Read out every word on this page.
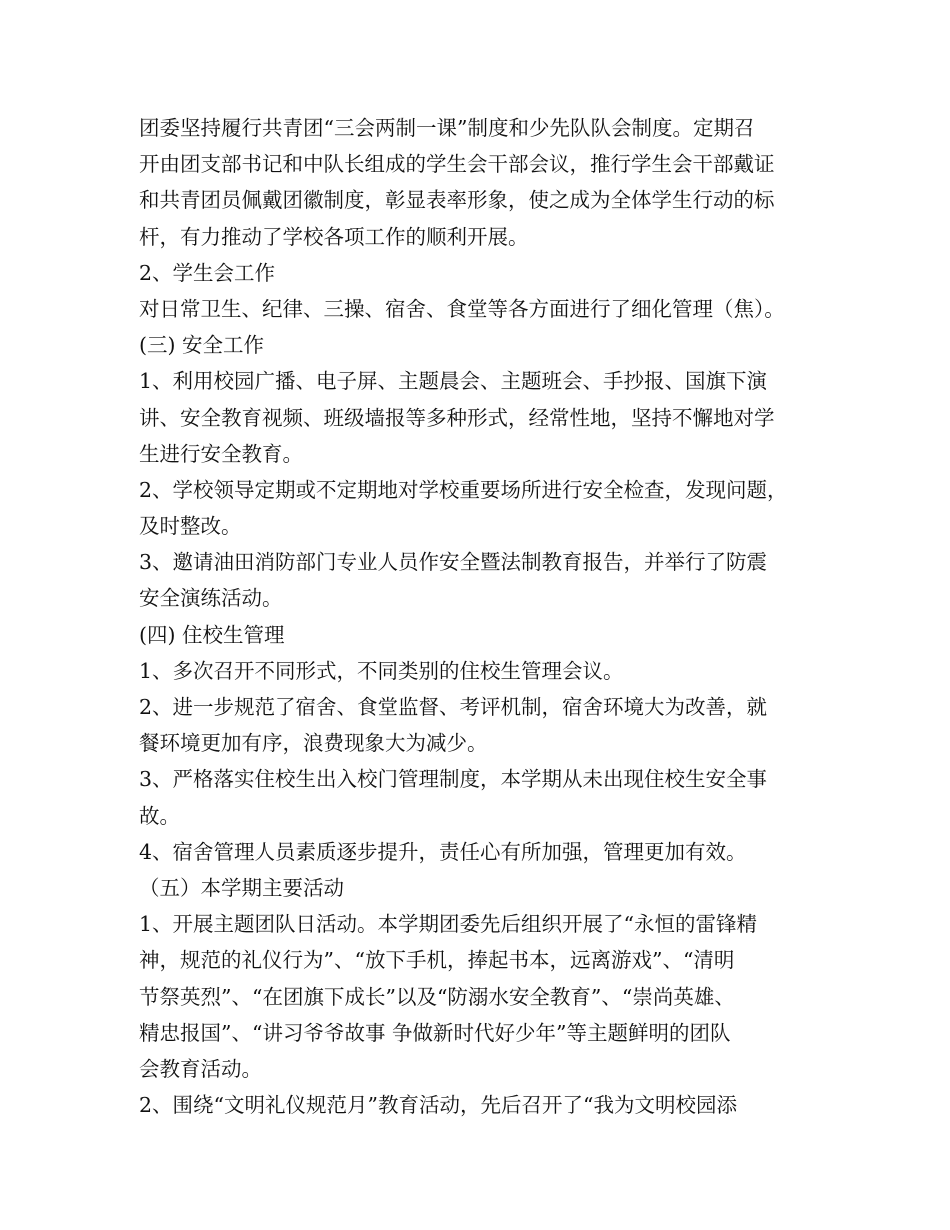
团委坚持履行共青团“三会两制一课”制度和少先队队会制度。定期召

开由团支部书记和中队长组成的学生会干部会议，推行学生会干部戴证

和共青团员佩戴团徽制度，彰显表率形象，使之成为全体学生行动的标

杆，有力推动了学校各项工作的顺利开展。

2、学生会工作

对日常卫生、纪律、三操、宿舍、食堂等各方面进行了细化管理（焦）。

(三) 安全工作

1、利用校园广播、电子屏、主题晨会、主题班会、手抄报、国旗下演

讲、安全教育视频、班级墙报等多种形式，经常性地，坚持不懈地对学

生进行安全教育。

2、学校领导定期或不定期地对学校重要场所进行安全检查，发现问题，

及时整改。

3、邀请油田消防部门专业人员作安全暨法制教育报告，并举行了防震

安全演练活动。

(四) 住校生管理

1、多次召开不同形式，不同类别的住校生管理会议。

2、进一步规范了宿舍、食堂监督、考评机制，宿舍环境大为改善，就

餐环境更加有序，浪费现象大为减少。

3、严格落实住校生出入校门管理制度，本学期从未出现住校生安全事

故。

4、宿舍管理人员素质逐步提升，责任心有所加强，管理更加有效。

（五）本学期主要活动

1、开展主题团队日活动。本学期团委先后组织开展了“永恒的雷锋精

神，规范的礼仪行为”、“放下手机，捧起书本，远离游戏”、“清明

节祭英烈”、“在团旗下成长”以及“防溺水安全教育”、“崇尚英雄、

精忠报国”、“讲习爷爷故事 争做新时代好少年”等主题鲜明的团队

会教育活动。

2、围绕“文明礼仪规范月”教育活动，先后召开了“我为文明校园添
